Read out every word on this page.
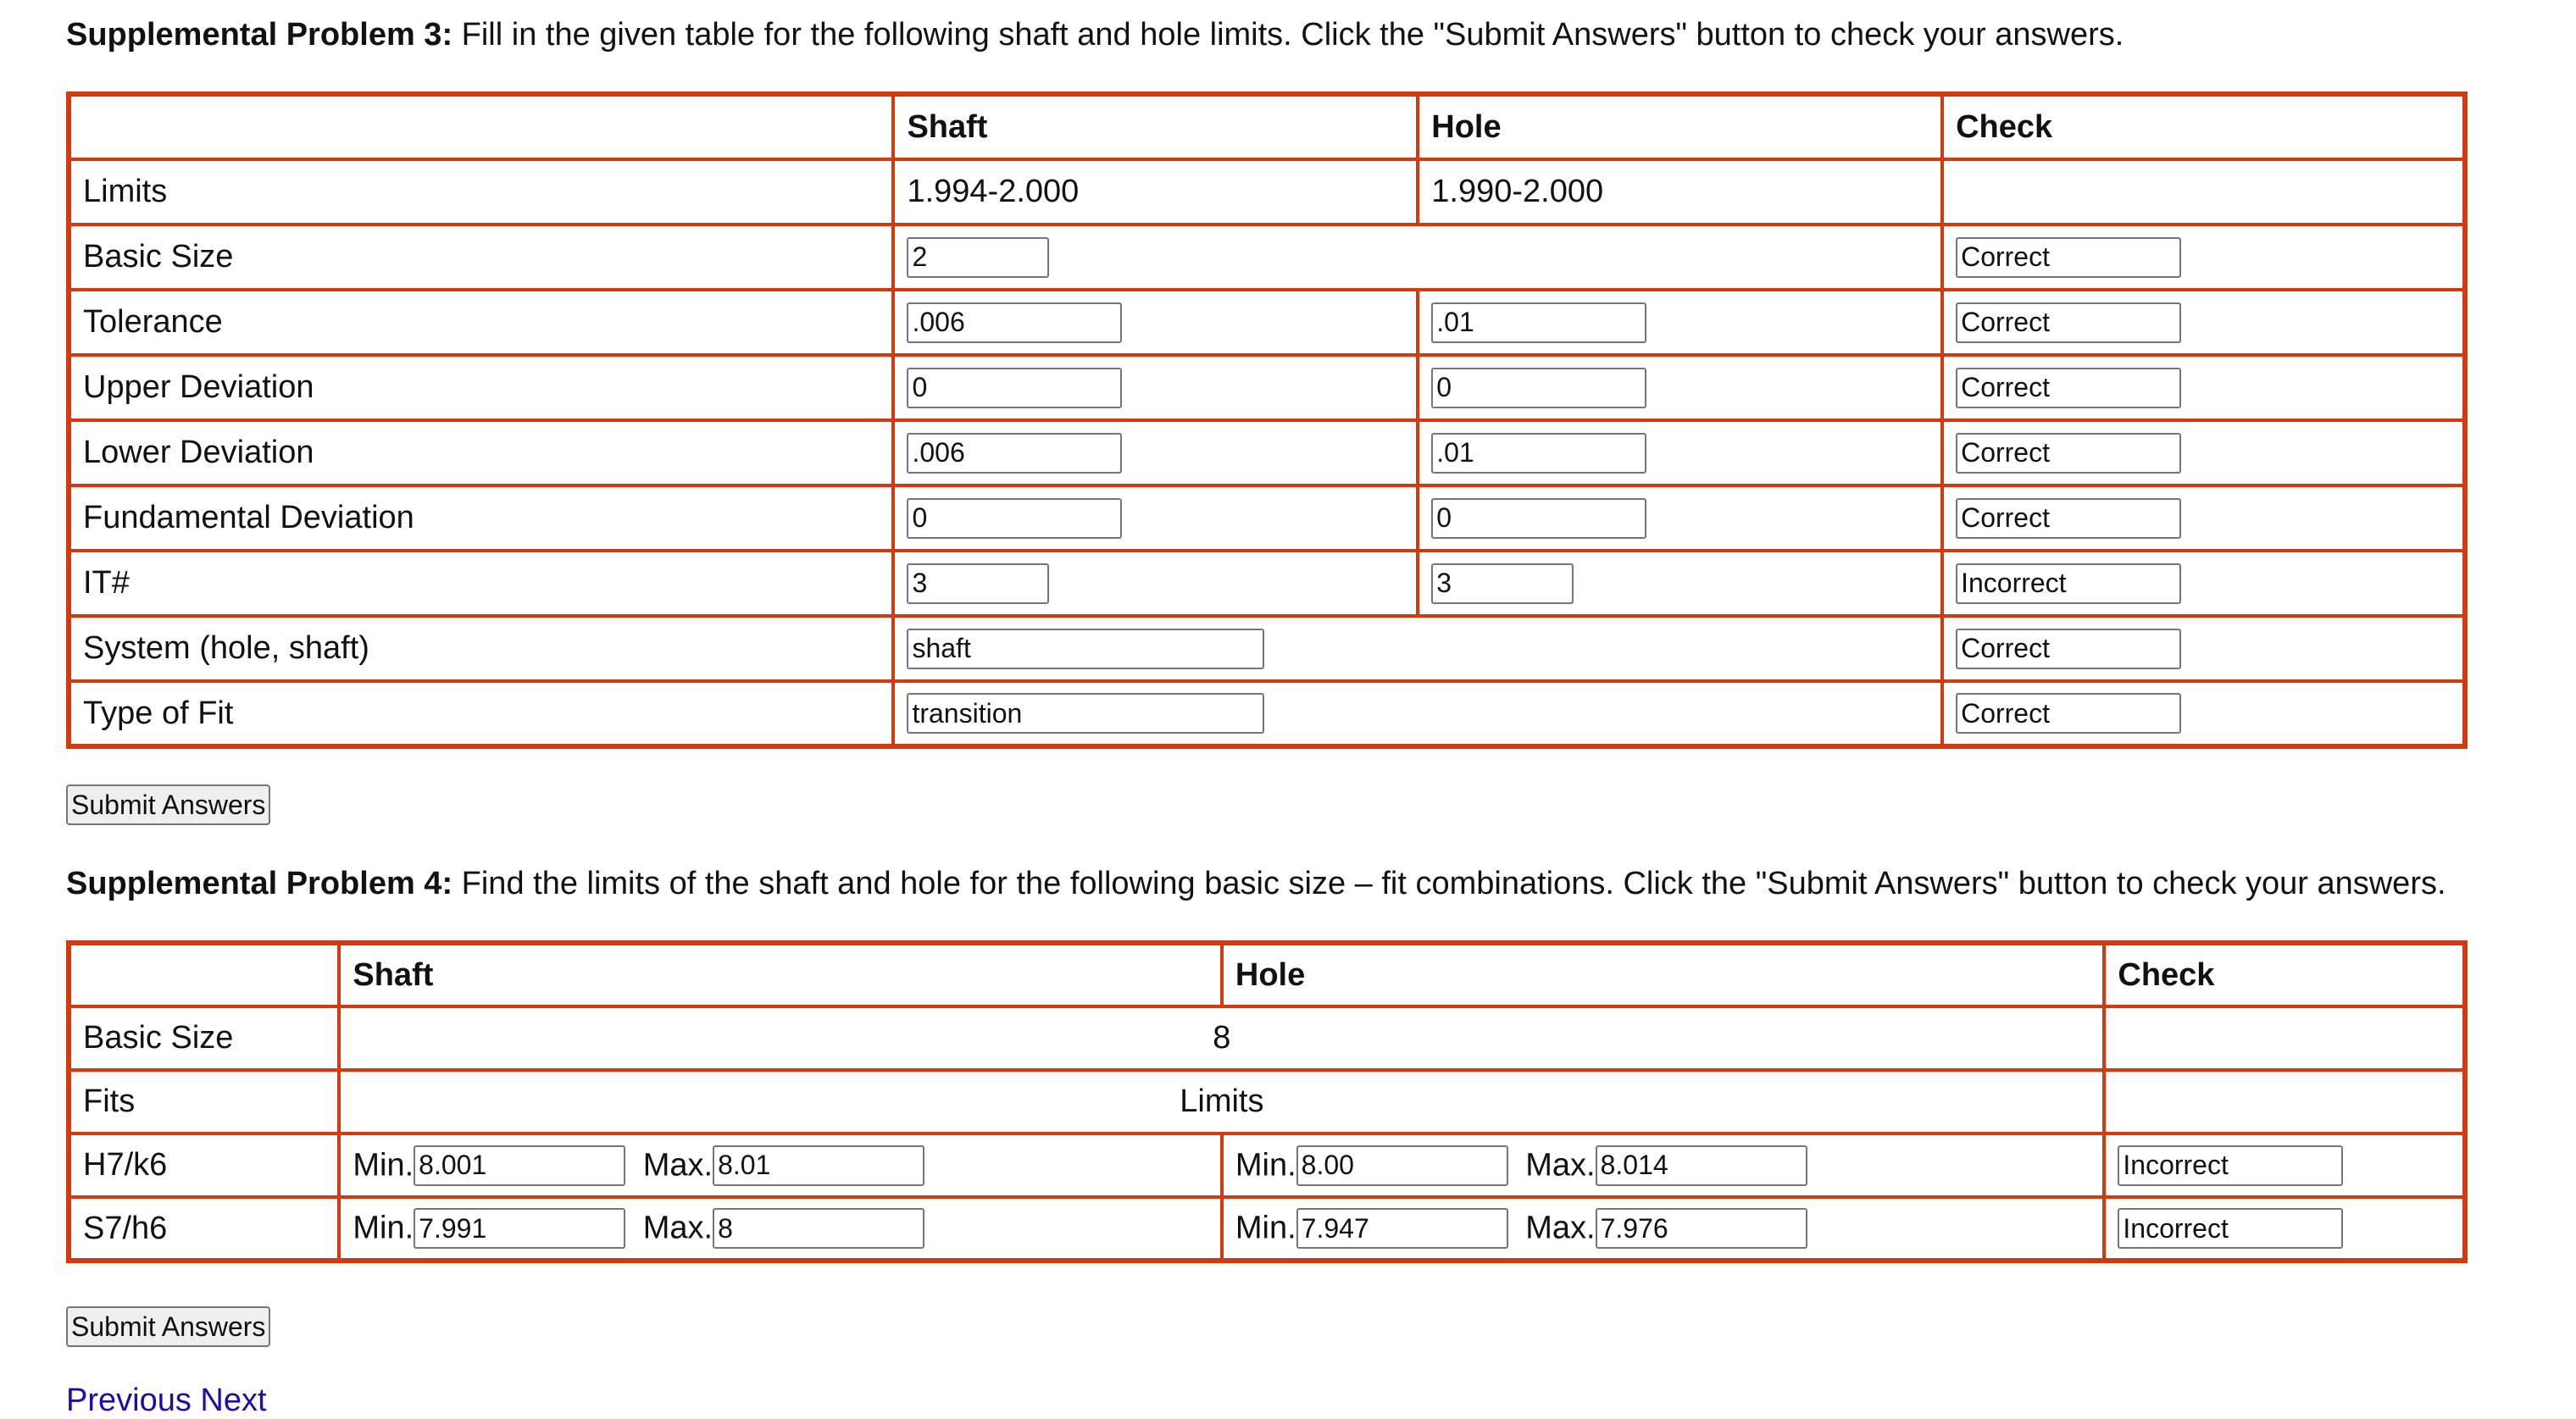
Supplemental Problem 3: Fill in the given table for the following shaft and hole limits. Click the "Submit Answers" button to check your answers.
	Shaft	Hole	Check
Limits	1.994-2.000	1.990-2.000	
Basic Size	2	Correct
Tolerance	.006	.01	Correct
Upper Deviation	0	0	Correct
Lower Deviation	.006	.01	Correct
Fundamental Deviation	0	0	Correct
IT#	3	3	Incorrect
System (hole, shaft)	shaft	Correct
Type of Fit	transition	Correct
Submit Answers
Supplemental Problem 4: Find the limits of the shaft and hole for the following basic size – fit combinations. Click the "Submit Answers" button to check your answers.
	Shaft	Hole	Check
Basic Size	8		
Fits	Limits		
H7/k6	Min.8.001 Max.8.01	Min.8.00 Max.8.014	Incorrect
S7/h6	Min.7.991 Max.8	Min.7.947 Max.7.976	Incorrect
Submit Answers
Previous Next
